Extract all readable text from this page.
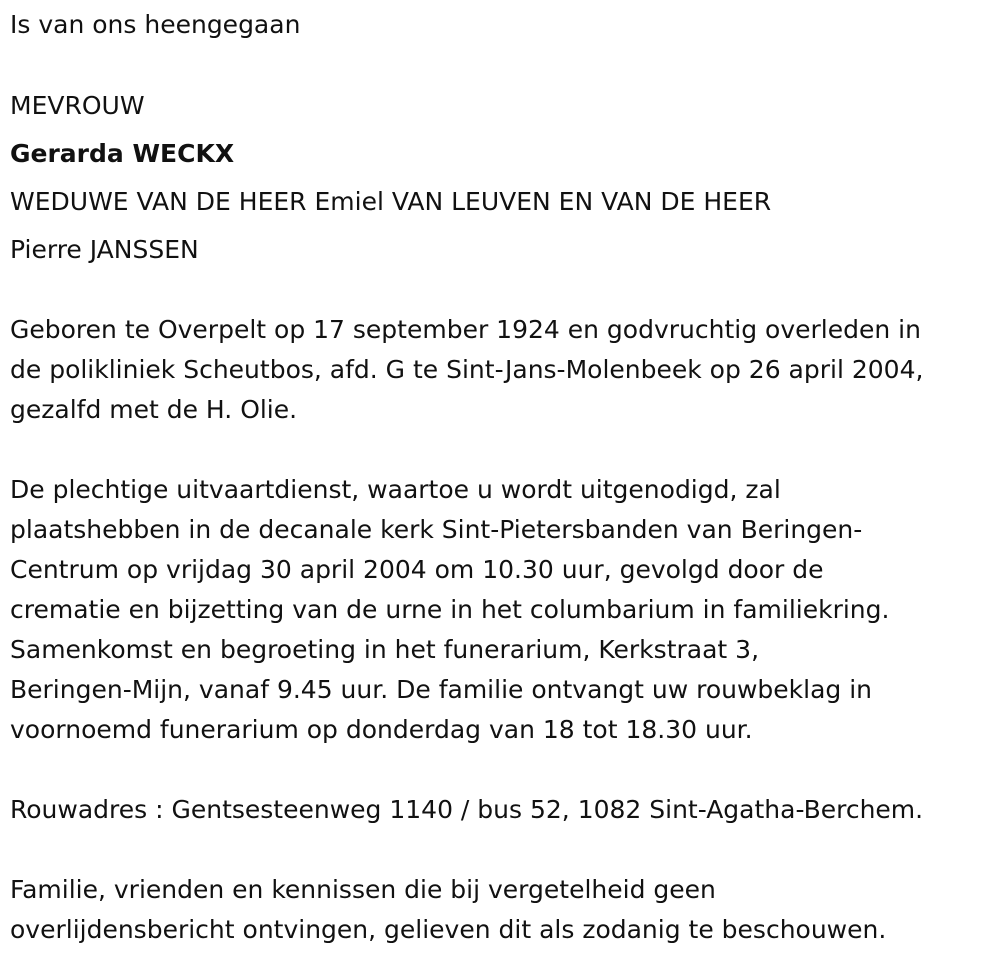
Is van ons heengegaan

MEVROUW

Gerarda WECKX

WEDUWE VAN DE HEER Emiel VAN LEUVEN EN VAN DE HEER

Pierre JANSSEN

Geboren te Overpelt op 17 september 1924 en godvruchtig overleden in
de polikliniek Scheutbos, afd. G te Sint-Jans-Molenbeek op 26 april 2004,
gezalfd met de H. Olie.

De plechtige uitvaartdienst, waartoe u wordt uitgenodigd, zal
plaatshebben in de decanale kerk Sint-Pietersbanden van Beringen-
Centrum op vrijdag 30 april 2004 om 10.30 uur, gevolgd door de
crematie en bijzetting van de urne in het columbarium in familiekring.
Samenkomst en begroeting in het funerarium, Kerkstraat 3,
Beringen-Mijn, vanaf 9.45 uur. De familie ontvangt uw rouwbeklag in
voornoemd funerarium op donderdag van 18 tot 18.30 uur.

Rouwadres : Gentsesteenweg 1140 / bus 52, 1082 Sint-Agatha-Berchem.

Familie, vrienden en kennissen die bij vergetelheid geen
overlijdensbericht ontvingen, gelieven dit als zodanig te beschouwen.
